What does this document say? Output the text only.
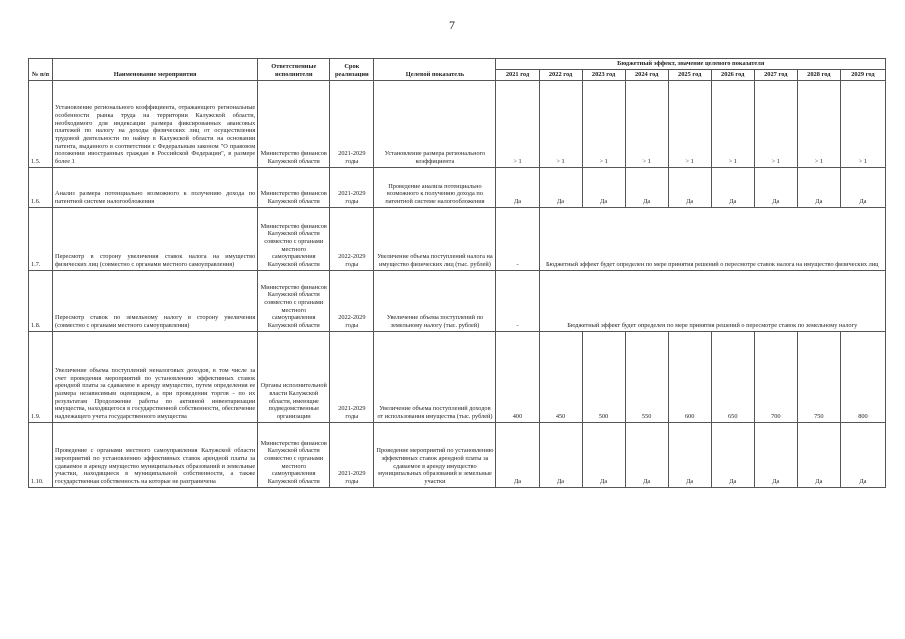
7
№ п/п	Наименование мероприятия	Ответственные исполнители	Срок реализации	Целевой показатель	Бюджетный эффект, значение целевого показателя								
					2021 год	2022 год	2023 год	2024 год	2025 год	2026 год	2027 год	2028 год	2029 год
1.5.	Установление регионального коэффициента, отражающего региональные особенности рынка труда на территории Калужской области, необходимого для индексации размера фиксированных авансовых платежей по налогу на доходы физических лиц от осуществления трудовой деятельности по найму в Калужской области на основании патента, выданного в соответствии с Федеральным законом "О правовом положении иностранных граждан в Российской Федерации", в размере более 1	Министерство финансов Калужской области	2021-2029 годы	Установление размера регионального коэффициента	> 1	> 1	> 1	> 1	> 1	> 1	> 1	> 1	> 1
1.6.	Анализ размера потенциально возможного к получению дохода по патентной системе налогообложения	Министерство финансов Калужской области	2021-2029 годы	Проведение анализа потенциально возможного к получению дохода по патентной системе налогообложения	Да	Да	Да	Да	Да	Да	Да	Да	Да
1.7.	Пересмотр в сторону увеличения ставок налога на имущество физических лиц (совместно с органами местного самоуправления)	Министерство финансов Калужской области совместно с органами местного самоуправления Калужской области	2022-2029 годы	Увеличение объема поступлений налога на имущество физических лиц (тыс. рублей)	-	Бюджетный эффект будет определен по мере принятия решений о пересмотре ставок налога на имущество физических лиц							
1.8.	Пересмотр ставок по земельному налогу в сторону увеличения (совместно с органами местного самоуправления)	Министерство финансов Калужской области совместно с органами местного самоуправления Калужской области	2022-2029 годы	Увеличение объема поступлений по земельному налогу (тыс. рублей)	-	Бюджетный эффект будет определен по мере принятия решений о пересмотре ставок по земельному налогу							
1.9.	Увеличение объема поступлений неналоговых доходов, в том числе за счет проведения мероприятий по установлению эффективных ставок арендной платы за сдаваемое в аренду имущество, путем определения ее размера независимым оценщиком, а при проведении торгов - по их результатам Продолжение работы по активной инвентаризации имущества, находящегося в государственной собственности, обеспечение надлежащего учета государственного имущества	Органы исполнительной власти Калужской области, имеющие подведомственные организации	2021-2029 годы	Увеличение объема поступлений доходов от использования имущества (тыс. рублей)	400	450	500	550	600	650	700	750	800
1.10.	Проведение с органами местного самоуправления Калужской области мероприятий по установлению эффективных ставок арендной платы за сдаваемое в аренду имущество муниципальных образований и земельные участки, находящиеся в муниципальной собственности, а также государственная собственность на которые не разграничена	Министерство финансов Калужской области совместно с органами местного самоуправления Калужской области	2021-2029 годы	Проведение мероприятий по установлению эффективных ставок арендной платы за сдаваемое в аренду имущество муниципальных образований и земельные участки	Да	Да	Да	Да	Да	Да	Да	Да	Да
